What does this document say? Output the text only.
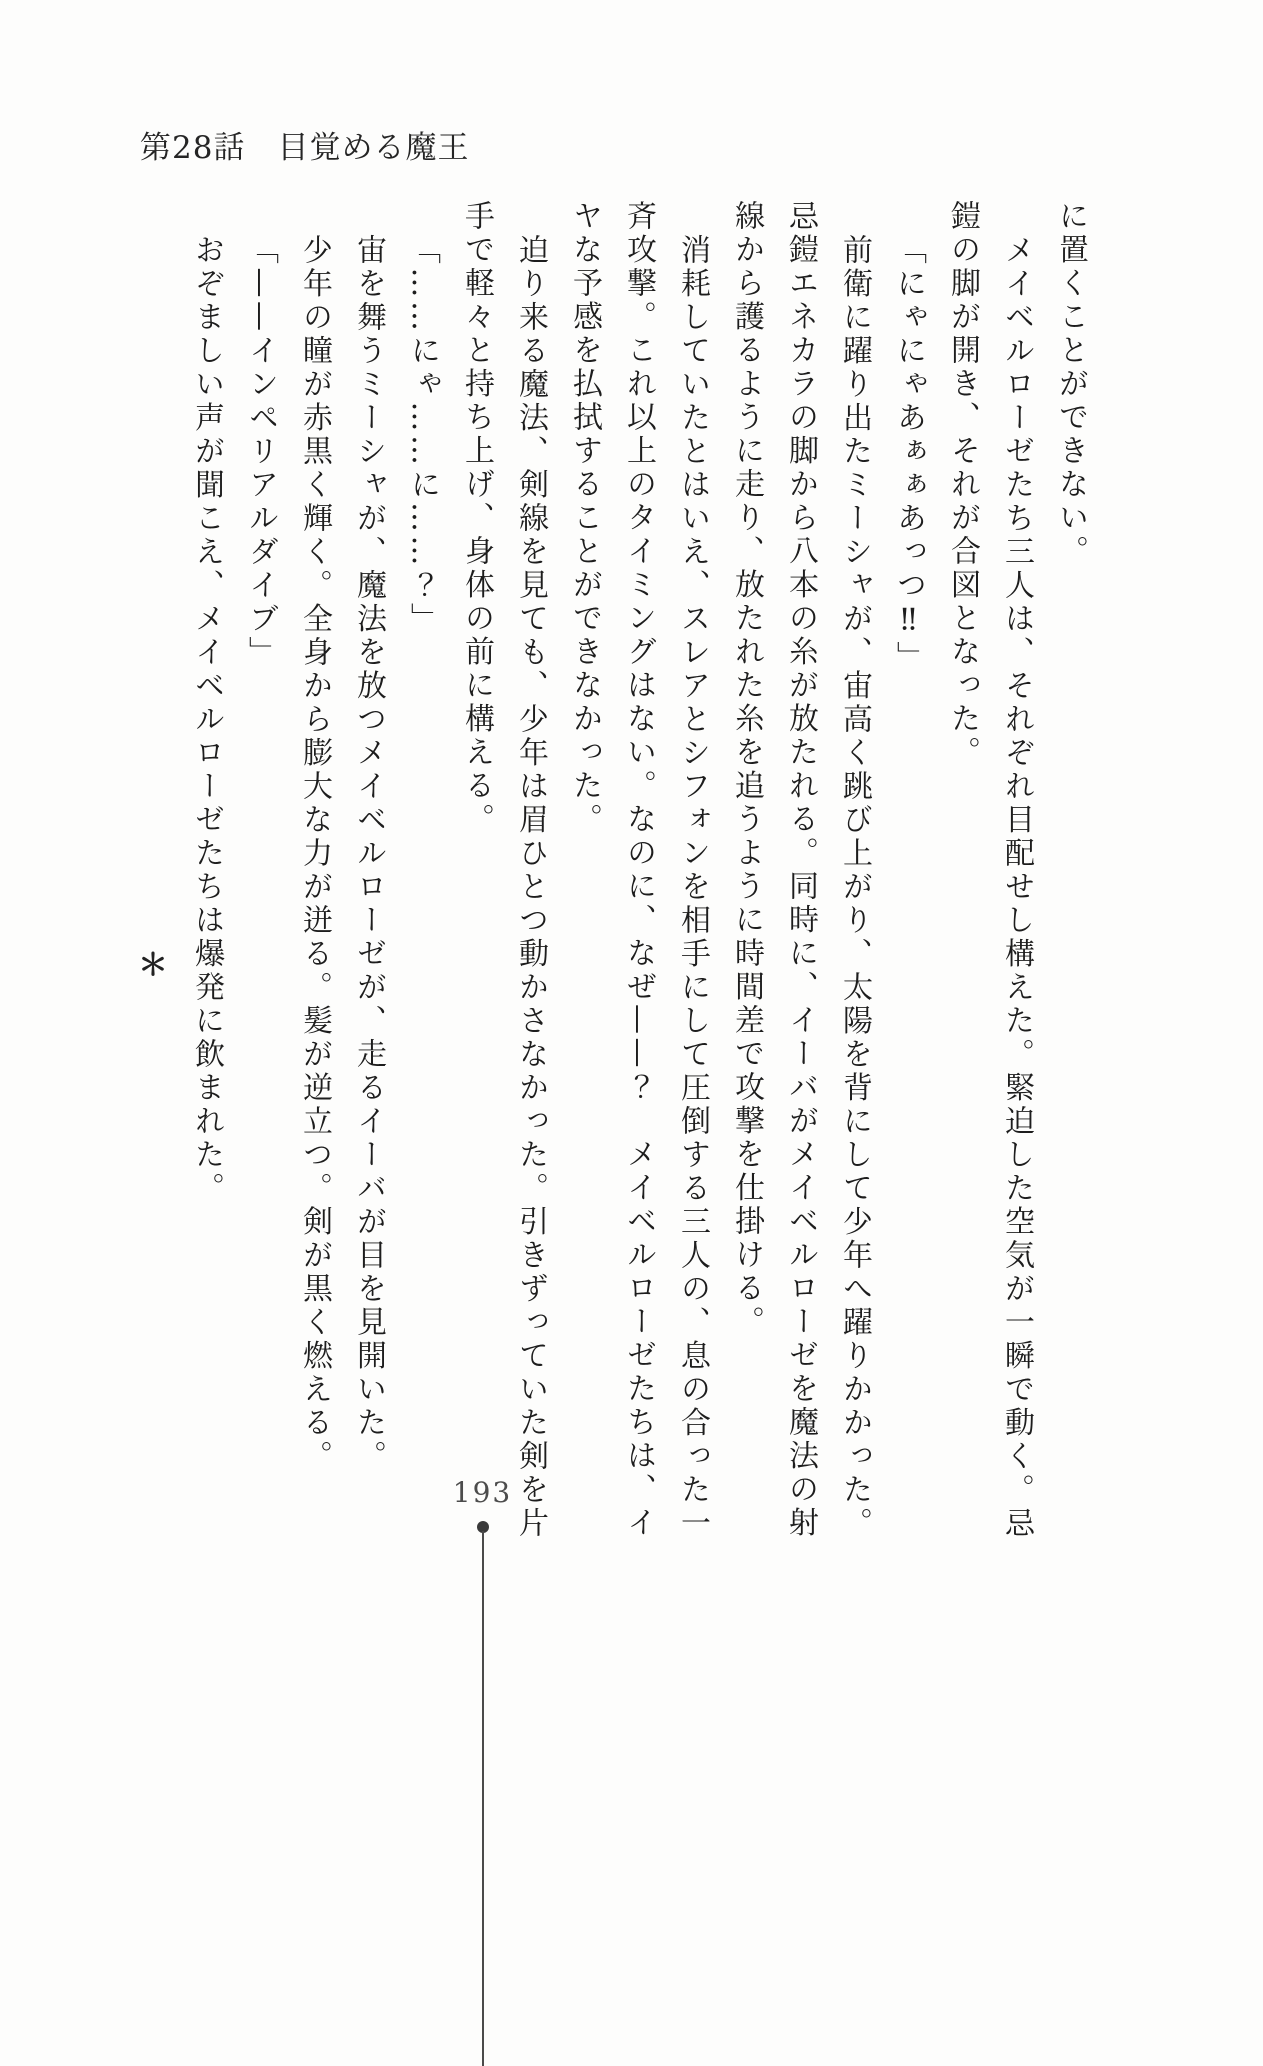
第28話　目覚める魔王

に置くことができない。

メイベルローゼたち三人は、それぞれ目配せし構えた。緊迫した空気が一瞬で動く。忌

鎧の脚が開き、それが合図となった。

「にゃにゃあぁぁあっつ‼」

前衛に躍り出たミーシャが、宙高く跳び上がり、太陽を背にして少年へ躍りかかった。

忌鎧エネカラの脚から八本の糸が放たれる。同時に、イーバがメイベルローゼを魔法の射

線から護るように走り、放たれた糸を追うように時間差で攻撃を仕掛ける。

消耗していたとはいえ、スレアとシフォンを相手にして圧倒する三人の、息の合った一

斉攻撃。これ以上のタイミングはない。なのに、なぜ——？　メイベルローゼたちは、イ

ヤな予感を払拭することができなかった。

迫り来る魔法、剣線を見ても、少年は眉ひとつ動かさなかった。引きずっていた剣を片

手で軽々と持ち上げ、身体の前に構える。

「……にゃ……に……？」

宙を舞うミーシャが、魔法を放つメイベルローゼが、走るイーバが目を見開いた。

少年の瞳が赤黒く輝く。全身から膨大な力が迸る。髪が逆立つ。剣が黒く燃える。

「——インペリアルダイブ」

おぞましい声が聞こえ、メイベルローゼたちは爆発に飲まれた。

＊
193
